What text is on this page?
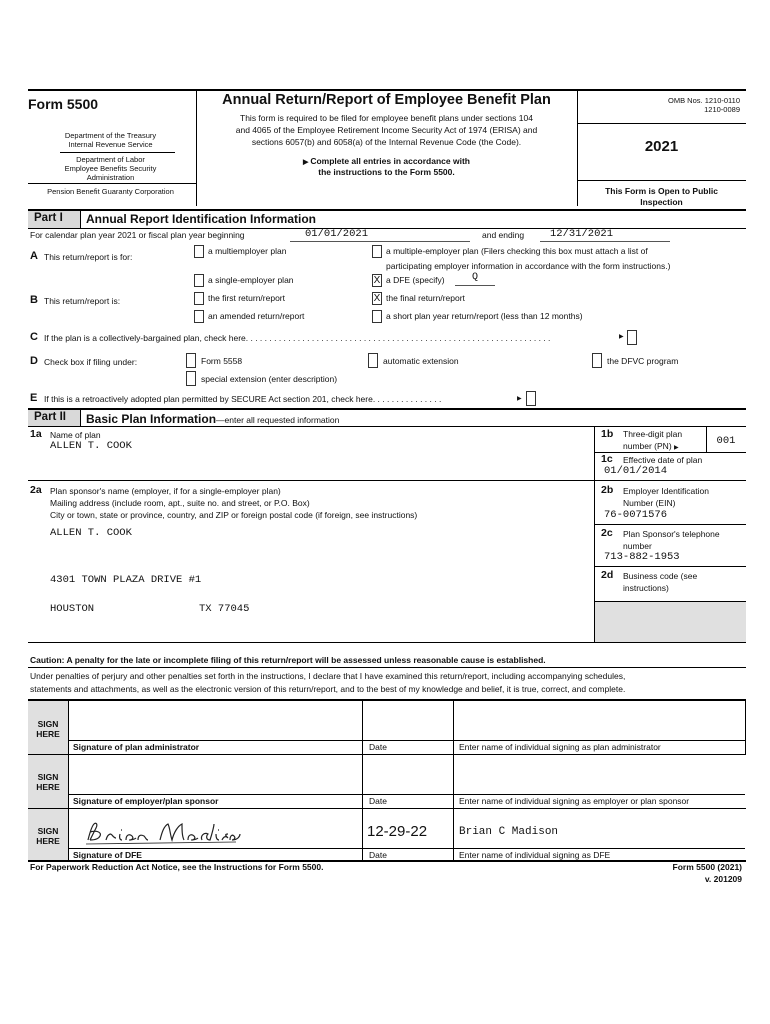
Form 5500
Department of the Treasury
Internal Revenue Service
Department of Labor
Employee Benefits Security
Administration
Pension Benefit Guaranty Corporation
Annual Return/Report of Employee Benefit Plan
This form is required to be filed for employee benefit plans under sections 104
and 4065 of the Employee Retirement Income Security Act of 1974 (ERISA) and
sections 6057(b) and 6058(a) of the Internal Revenue Code (the Code).
▶ Complete all entries in accordance with
the instructions to the Form 5500.
OMB Nos. 1210-0110
1210-0089
2021
This Form is Open to Public
Inspection
Part I	Annual Report Identification Information
For calendar plan year 2021 or fiscal plan year beginning	01/01/2021	and ending 12/31/2021
A This return/report is for:
a multiemployer plan	a multiple-employer plan (Filers checking this box must attach a list of
participating employer information in accordance with the form instructions.)
a single-employer plan	X a DFE (specify)	Q
B This return/report is:	the first return/report	X the final return/report
an amended return/report	a short plan year return/report (less than 12 months)
C If the plan is a collectively-bargained plan, check here. . . . . . . . . . . . . . . . . . . . . . . . . . . . . . . . . . . . . . . . . . . . . . . . . . . . . . . . . . . . . . . . .	▶
D Check box if filing under:	Form 5558	automatic extension	the DFVC program
special extension (enter description)
E If this is a retroactively adopted plan permitted by SECURE Act section 201, check here. . . . . . . . . . . . . . .	▶
Part II	Basic Plan Information—enter all requested information
1a Name of plan
ALLEN T. COOK
1b Three-digit plan
number (PN) ▶
001
1c Effective date of plan
01/01/2014
2a Plan sponsor's name (employer, if for a single-employer plan)
Mailing address (include room, apt., suite no. and street, or P.O. Box)
City or town, state or province, country, and ZIP or foreign postal code (if foreign, see instructions)
ALLEN T. COOK
4301 TOWN PLAZA DRIVE #1
HOUSTON	TX 77045
2b Employer Identification
Number (EIN)
76-0071576
2c Plan Sponsor's telephone
number
713-882-1953
2d Business code (see
instructions)
Caution: A penalty for the late or incomplete filing of this return/report will be assessed unless reasonable cause is established.
Under penalties of perjury and other penalties set forth in the instructions, I declare that I have examined this return/report, including accompanying schedules,
statements and attachments, as well as the electronic version of this return/report, and to the best of my knowledge and belief, it is true, correct, and complete.
SIGN
HERE
Signature of plan administrator	Date	Enter name of individual signing as plan administrator
SIGN
HERE
Signature of employer/plan sponsor	Date	Enter name of individual signing as employer or plan sponsor
SIGN
HERE
12-29-22	Brian C Madison
Signature of DFE	Date	Enter name of individual signing as DFE
For Paperwork Reduction Act Notice, see the Instructions for Form 5500.	Form 5500 (2021)
v. 201209
